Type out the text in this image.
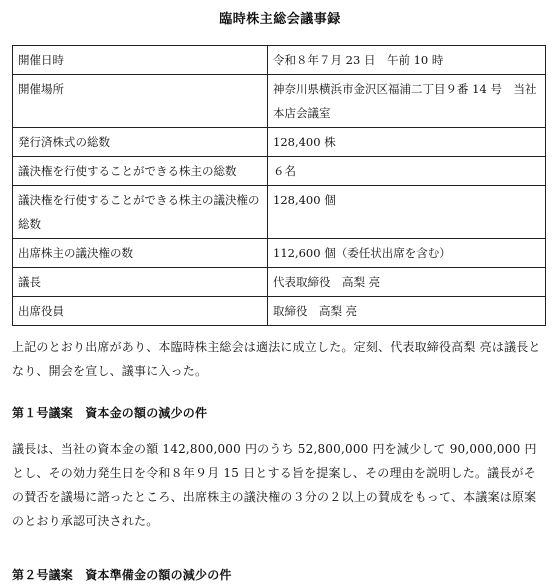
臨時株主総会議事録
開催日時	令和８年７月 23 日　午前 10 時
開催場所	神奈川県横浜市金沢区福浦二丁目９番 14 号　当社本店会議室
発行済株式の総数	128,400 株
議決権を行使することができる株主の総数	６名
議決権を行使することができる株主の議決権の総数	128,400 個
出席株主の議決権の数	112,600 個（委任状出席を含む）
議長	代表取締役　高梨 亮
出席役員	取締役　高梨 亮
上記のとおり出席があり、本臨時株主総会は適法に成立した。定刻、代表取締役高梨 亮は議長となり、開会を宣し、議事に入った。
第１号議案　資本金の額の減少の件
議長は、当社の資本金の額 142,800,000 円のうち 52,800,000 円を減少して 90,000,000 円とし、その効力発生日を令和８年９月 15 日とする旨を提案し、その理由を説明した。議長がその賛否を議場に諮ったところ、出席株主の議決権の３分の２以上の賛成をもって、本議案は原案のとおり承認可決された。
第２号議案　資本準備金の額の減少の件
